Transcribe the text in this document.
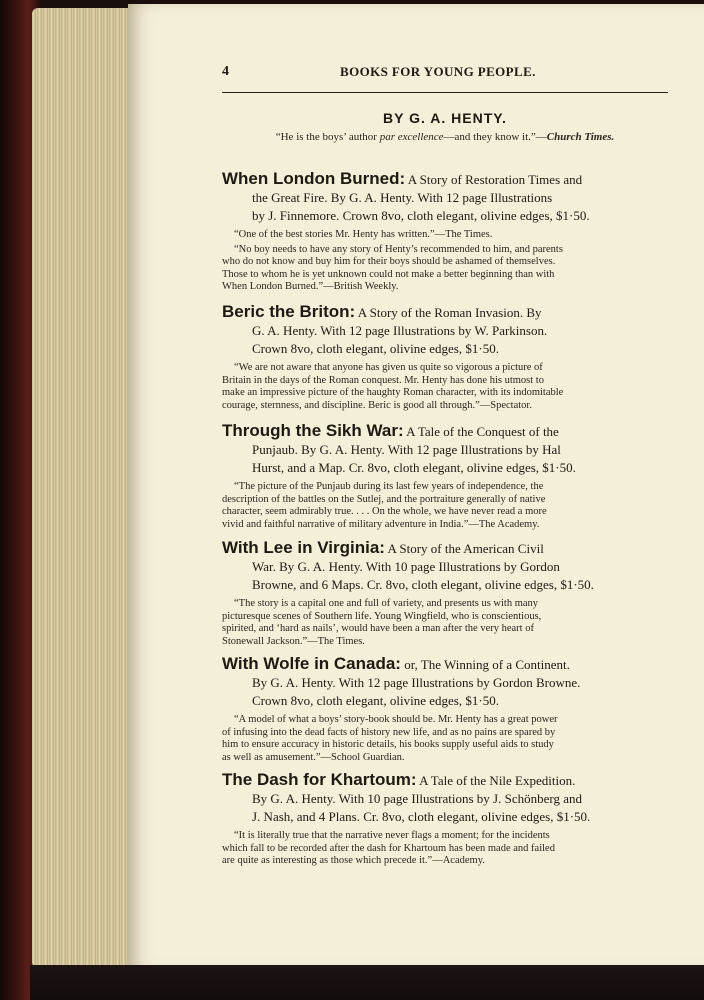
4	BOOKS FOR YOUNG PEOPLE.
BY G. A. HENTY.
“He is the boys’ author par excellence—and they know it.”—Church Times.
When London Burned: A Story of Restoration Times and
the Great Fire. By G. A. Henty. With 12 page Illustrations
by J. Finnemore. Crown 8vo, cloth elegant, olivine edges, $1·50.
“One of the best stories Mr. Henty has written.”—The Times.
“No boy needs to have any story of Henty’s recommended to him, and parents
who do not know and buy him for their boys should be ashamed of themselves.
Those to whom he is yet unknown could not make a better beginning than with
When London Burned.”—British Weekly.
Beric the Briton: A Story of the Roman Invasion. By
G. A. Henty. With 12 page Illustrations by W. Parkinson.
Crown 8vo, cloth elegant, olivine edges, $1·50.
“We are not aware that anyone has given us quite so vigorous a picture of
Britain in the days of the Roman conquest. Mr. Henty has done his utmost to
make an impressive picture of the haughty Roman character, with its indomitable
courage, sternness, and discipline. Beric is good all through.”—Spectator.
Through the Sikh War: A Tale of the Conquest of the
Punjaub. By G. A. Henty. With 12 page Illustrations by Hal
Hurst, and a Map. Cr. 8vo, cloth elegant, olivine edges, $1·50.
“The picture of the Punjaub during its last few years of independence, the
description of the battles on the Sutlej, and the portraiture generally of native
character, seem admirably true. . . . On the whole, we have never read a more
vivid and faithful narrative of military adventure in India.”—The Academy.
With Lee in Virginia: A Story of the American Civil
War. By G. A. Henty. With 10 page Illustrations by Gordon
Browne, and 6 Maps. Cr. 8vo, cloth elegant, olivine edges, $1·50.
“The story is a capital one and full of variety, and presents us with many
picturesque scenes of Southern life. Young Wingfield, who is conscientious,
spirited, and ‘hard as nails’, would have been a man after the very heart of
Stonewall Jackson.”—The Times.
With Wolfe in Canada: or, The Winning of a Continent.
By G. A. Henty. With 12 page Illustrations by Gordon Browne.
Crown 8vo, cloth elegant, olivine edges, $1·50.
“A model of what a boys’ story-book should be. Mr. Henty has a great power
of infusing into the dead facts of history new life, and as no pains are spared by
him to ensure accuracy in historic details, his books supply useful aids to study
as well as amusement.”—School Guardian.
The Dash for Khartoum: A Tale of the Nile Expedition.
By G. A. Henty. With 10 page Illustrations by J. Schönberg and
J. Nash, and 4 Plans. Cr. 8vo, cloth elegant, olivine edges, $1·50.
“It is literally true that the narrative never flags a moment; for the incidents
which fall to be recorded after the dash for Khartoum has been made and failed
are quite as interesting as those which precede it.”—Academy.
